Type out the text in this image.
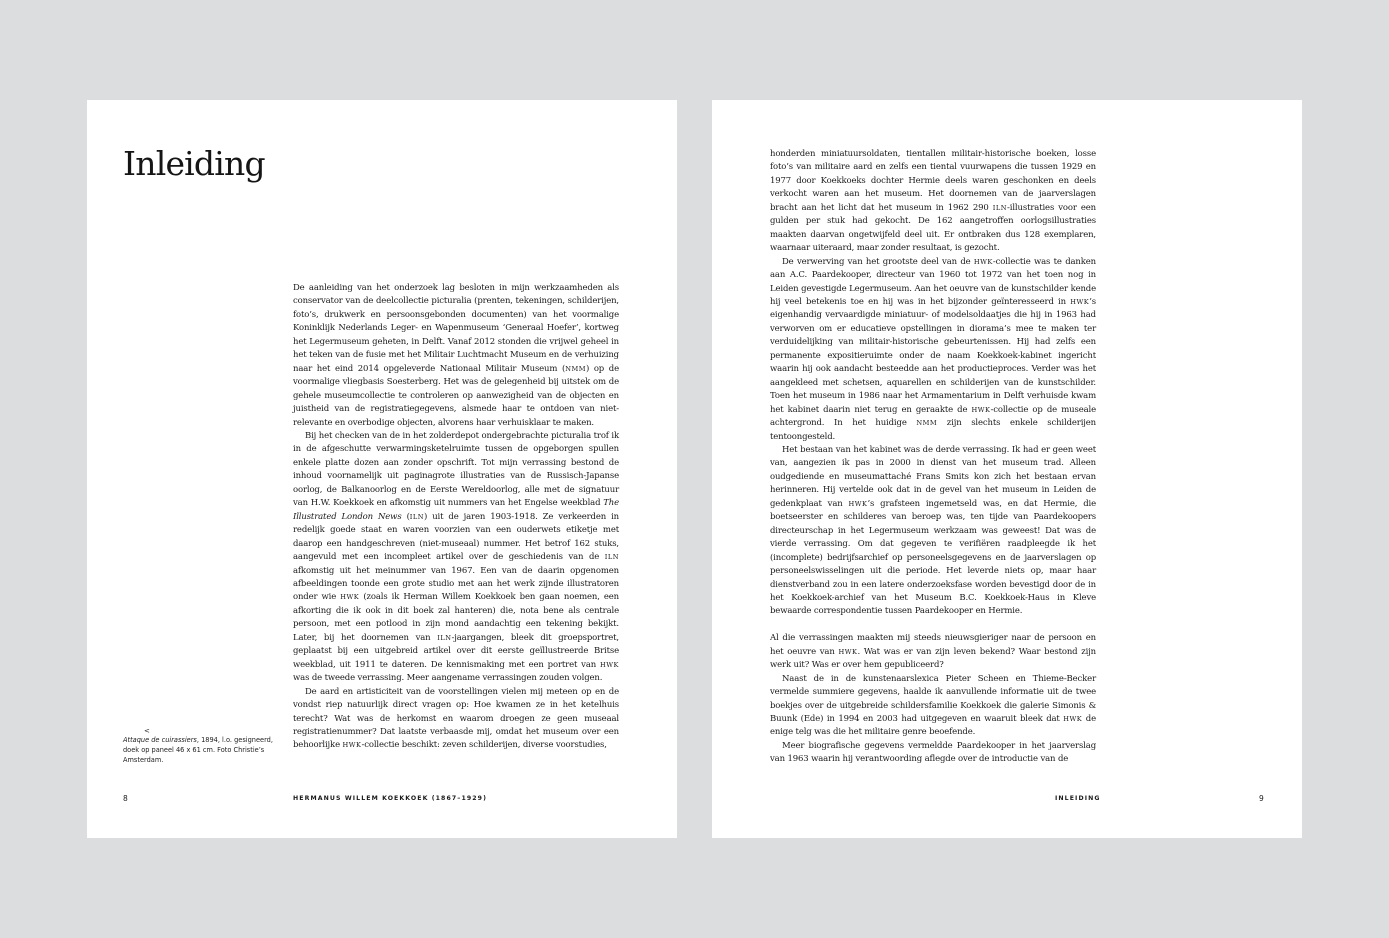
Inleiding

De aanleiding van het onderzoek lag besloten in mijn werkzaamheden als conservator van de deelcollectie picturalia (prenten, tekeningen, schilderijen, foto’s, drukwerk en persoonsgebonden documenten) van het voormalige Koninklijk Nederlands Leger- en Wapenmuseum ‘Generaal Hoefer’, kortweg het Legermuseum geheten, in Delft. Vanaf 2012 stonden die vrijwel geheel in het teken van de fusie met het Militair Luchtmacht Museum en de verhuizing naar het eind 2014 opgeleverde Nationaal Militair Museum (NMM) op de voormalige vliegbasis Soesterberg. Het was de gelegenheid bij uitstek om de gehele museumcollectie te controleren op aanwezigheid van de objecten en juistheid van de registratiegegevens, alsmede haar te ontdoen van niet-relevante en overbodige objecten, alvorens haar verhuisklaar te maken.

Bij het checken van de in het zolderdepot ondergebrachte picturalia trof ik in de afgeschutte verwarmingsketelruimte tussen de opgeborgen spullen enkele platte dozen aan zonder opschrift. Tot mijn verrassing bestond de inhoud voornamelijk uit paginagrote illustraties van de Russisch-Japanse oorlog, de Balkanoorlog en de Eerste Wereldoorlog, alle met de signatuur van H.W. Koekkoek en afkomstig uit nummers van het Engelse weekblad The Illustrated London News (ILN) uit de jaren 1903-1918. Ze verkeerden in redelijk goede staat en waren voorzien van een ouderwets etiketje met daarop een handgeschreven (niet-museaal) nummer. Het betrof 162 stuks, aangevuld met een incompleet artikel over de geschiedenis van de ILN afkomstig uit het meinummer van 1967. Een van de daarin opgenomen afbeeldingen toonde een grote studio met aan het werk zijnde illustratoren onder wie HWK (zoals ik Herman Willem Koekkoek ben gaan noemen, een afkorting die ik ook in dit boek zal hanteren) die, nota bene als centrale persoon, met een potlood in zijn mond aandachtig een tekening bekijkt. Later, bij het doornemen van ILN-jaargangen, bleek dit groepsportret, geplaatst bij een uitgebreid artikel over dit eerste geïllustreerde Britse weekblad, uit 1911 te dateren. De kennismaking met een portret van HWK was de tweede verrassing. Meer aangename verrassingen zouden volgen.

De aard en artisticiteit van de voorstellingen vielen mij meteen op en de vondst riep natuurlijk direct vragen op: Hoe kwamen ze in het ketelhuis terecht? Wat was de herkomst en waarom droegen ze geen museaal registratienummer? Dat laatste verbaasde mij, omdat het museum over een behoorlijke HWK-collectie beschikt: zeven schilderijen, diverse voorstudies,

<
Attaque de cuirassiers, 1894, l.o. gesigneerd, doek op paneel 46 x 61 cm. Foto Christie’s Amsterdam.
8	HERMANUS WILLEM KOEKKOEK (1867–1929)

honderden miniatuursoldaten, tientallen militair-historische boeken, losse foto’s van militaire aard en zelfs een tiental vuurwapens die tussen 1929 en 1977 door Koekkoeks dochter Hermie deels waren geschonken en deels verkocht waren aan het museum. Het doornemen van de jaarverslagen bracht aan het licht dat het museum in 1962 290 ILN-illustraties voor een gulden per stuk had gekocht. De 162 aangetroffen oorlogsillustraties maakten daarvan ongetwijfeld deel uit. Er ontbraken dus 128 exemplaren, waarnaar uiteraard, maar zonder resultaat, is gezocht.

De verwerving van het grootste deel van de HWK-collectie was te danken aan A.C. Paardekooper, directeur van 1960 tot 1972 van het toen nog in Leiden gevestigde Legermuseum. Aan het oeuvre van de kunstschilder kende hij veel betekenis toe en hij was in het bijzonder geïnteresseerd in HWK’s eigenhandig vervaardigde miniatuur- of modelsoldaatjes die hij in 1963 had verworven om er educatieve opstellingen in diorama’s mee te maken ter verduidelijking van militair-historische gebeurtenissen. Hij had zelfs een permanente expositieruimte onder de naam Koekkoek-kabinet ingericht waarin hij ook aandacht besteedde aan het productieproces. Verder was het aangekleed met schetsen, aquarellen en schilderijen van de kunstschilder. Toen het museum in 1986 naar het Armamentarium in Delft verhuisde kwam het kabinet daarin niet terug en geraakte de HWK-collectie op de museale achtergrond. In het huidige NMM zijn slechts enkele schilderijen tentoongesteld.

Het bestaan van het kabinet was de derde verrassing. Ik had er geen weet van, aangezien ik pas in 2000 in dienst van het museum trad. Alleen oudgediende en museumattaché Frans Smits kon zich het bestaan ervan herinneren. Hij vertelde ook dat in de gevel van het museum in Leiden de gedenkplaat van HWK’s grafsteen ingemetseld was, en dat Hermie, die boetseerster en schilderes van beroep was, ten tijde van Paardekoopers directeurschap in het Legermuseum werkzaam was geweest! Dat was de vierde verrassing. Om dat gegeven te verifiëren raadpleegde ik het (incomplete) bedrijfsarchief op personeelsgegevens en de jaarverslagen op personeelswisselingen uit die periode. Het leverde niets op, maar haar dienstverband zou in een latere onderzoeksfase worden bevestigd door de in het Koekkoek-archief van het Museum B.C. Koekkoek-Haus in Kleve bewaarde correspondentie tussen Paardekooper en Hermie.

Al die verrassingen maakten mij steeds nieuwsgieriger naar de persoon en het oeuvre van HWK. Wat was er van zijn leven bekend? Waar bestond zijn werk uit? Was er over hem gepubliceerd?

Naast de in de kunstenaarslexica Pieter Scheen en Thieme-Becker vermelde summiere gegevens, haalde ik aanvullende informatie uit de twee boekjes over de uitgebreide schildersfamilie Koekkoek die galerie Simonis & Buunk (Ede) in 1994 en 2003 had uitgegeven en waaruit bleek dat HWK de enige telg was die het militaire genre beoefende.

Meer biografische gegevens vermeldde Paardekooper in het jaarverslag van 1963 waarin hij verantwoording aflegde over de introductie van de

INLEIDING	9
